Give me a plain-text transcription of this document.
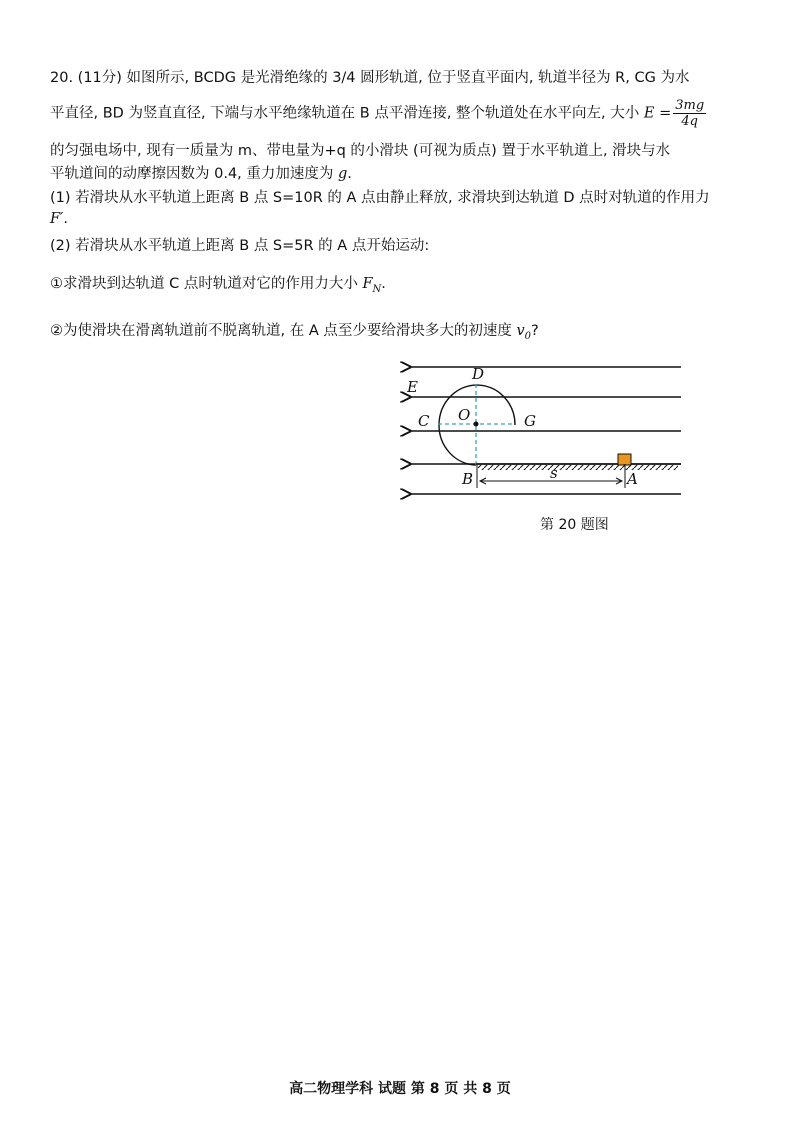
20. (11分) 如图所示, BCDG 是光滑绝缘的 3/4 圆形轨道, 位于竖直平面内, 轨道半径为 R, CG 为水
平直径, BD 为竖直直径, 下端与水平绝缘轨道在 B 点平滑连接, 整个轨道处在水平向左, 大小 $E = \frac{3mg}{4q}$
的匀强电场中, 现有一质量为 m、带电量为+q 的小滑块 (可视为质点) 置于水平轨道上, 滑块与水
平轨道间的动摩擦因数为 0.4, 重力加速度为 g.
(1) 若滑块从水平轨道上距离 B 点 S=10R 的 A 点由静止释放, 求滑块到达轨道 D 点时对轨道的作用力
F′.
(2) 若滑块从水平轨道上距离 B 点 S=5R 的 A 点开始运动:
①求滑块到达轨道 C 点时轨道对它的作用力大小 $F_N$.
②为使滑块在滑离轨道前不脱离轨道, 在 A 点至少要给滑块多大的初速度 $v_0$?
D
E
C O	G
B	s	A
第 20 题图
高二物理学科 试题 第 8 页 共 8 页
